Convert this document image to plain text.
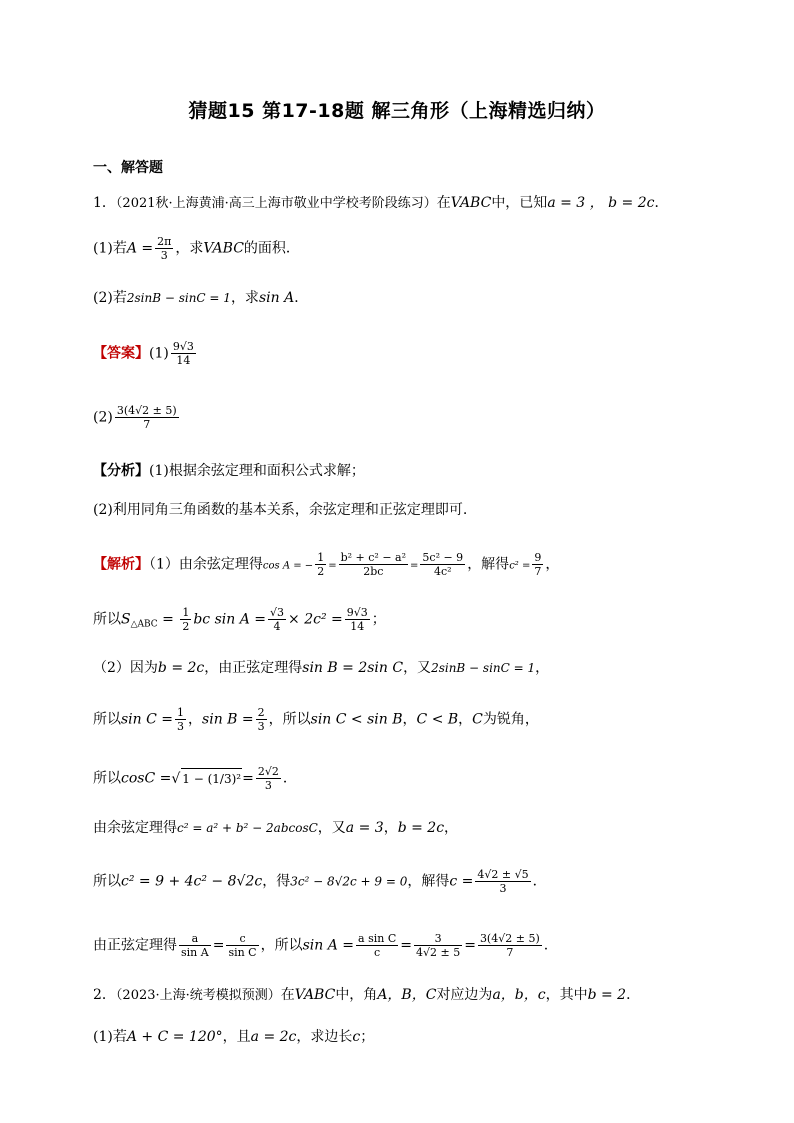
猜题15 第17-18题 解三角形（上海精选归纳）
一、解答题
1．（2021秋·上海黄浦·高三上海市敬业中学校考阶段练习）在VABC中，已知a = 3 ， b = 2c．
(1)若$A = \frac{2\pi}{3}$ ，求VABC的面积．
(2)若2sinB − sinC = 1，求sin A．
【答案】$(1) \frac{9√3}{14}$
$(2) \frac{3(4√2 \pm 5)}{7}$
【分析】(1)根据余弦定理和面积公式求解；
(2)利用同角三角函数的基本关系，余弦定理和正弦定理即可.
【解析】（1）由余弦定理得cos A = − $\frac{1}{2} = \frac{\text{b² + c² − a²}}{2bc} = \frac{\text{5c² − 9}}{\text{4c²}}$ ，解得$c^2 = \frac{9}{7}$ ，
所以$S_{\triangle ABC} = \frac{1}{2}$ bc $\sin A = \frac{√3}{4} \times 2c^2 = \frac{9√3}{14}$ ；
（2）因为b = 2c，由正弦定理得sin B = 2sin C，又2sinB − sinC = 1，
所以$\sin C = \frac{1}{3}$ ，$\sin B = \frac{2}{3}$ ，所以sin C < sin B，C < B，C为锐角，
所以cosC =√ $1 - (1/3)^2= \frac{2√2}{3}$ ．
由余弦定理得c² = a² + b² − 2abcosC，又a = 3，b = 2c，
所以c² = 9 + 4c² − 8√2c，得3c² − 8√2c + 9 = 0，解得$c = \frac{4√2 \pm √5}{3}$ ．
由正弦定理得 $\frac{a}{\text{sin A}} = \frac{c}{\text{sin C}}$ ，所以$\sin A = \frac{\text{a sin C}}{c} = \frac{3}{4√2 \pm 5} = \frac{3(4√2 \pm 5)}{7}$ .
2．（2023·上海·统考模拟预测）在VABC中，角A，B，C对应边为a，b，c，其中b = 2．
(1)若A + C = 120°，且a = 2c，求边长c；
